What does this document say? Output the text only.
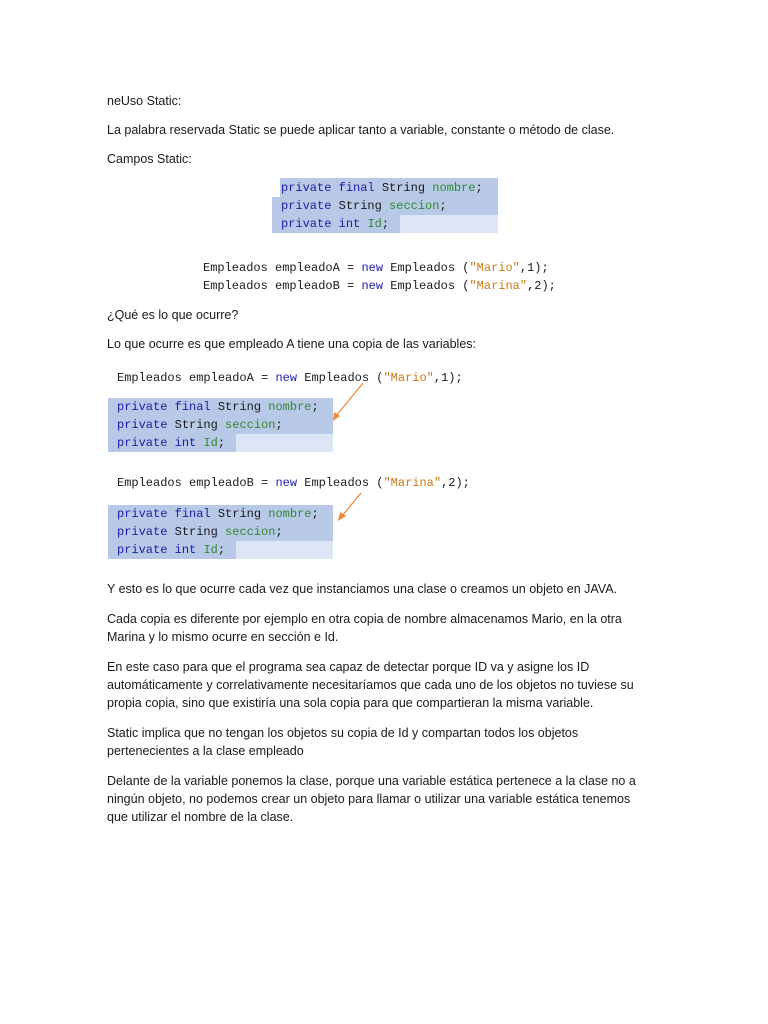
neUso Static:
La palabra reservada Static se puede aplicar tanto a variable, constante o método de clase.
Campos Static:
private final String nombre;
private String seccion;
private int Id;
Empleados empleadoA = new Empleados ("Mario",1);
Empleados empleadoB = new Empleados ("Marina",2);
¿Qué es lo que ocurre?
Lo que ocurre es que empleado A tiene una copia de las variables:
Empleados empleadoA = new Empleados ("Mario",1);
private final String nombre;
private String seccion;
private int Id;
Empleados empleadoB = new Empleados ("Marina",2);
private final String nombre;
private String seccion;
private int Id;
Y esto es lo que ocurre cada vez que instanciamos una clase o creamos un objeto en JAVA.
Cada copia es diferente por ejemplo en otra copia de nombre almacenamos Mario, en la otra Marina y lo mismo ocurre en sección e Id.
En este caso para que el programa sea capaz de detectar porque ID va y asigne los ID automáticamente y correlativamente necesitaríamos que cada uno de los objetos no tuviese su propia copia, sino que existiría una sola copia para que compartieran la misma variable.
Static implica que no tengan los objetos su copia de Id y compartan todos los objetos pertenecientes a la clase empleado
Delante de la variable ponemos la clase, porque una variable estática pertenece a la clase no a ningún objeto, no podemos crear un objeto para llamar o utilizar una variable estática tenemos que utilizar el nombre de la clase.
